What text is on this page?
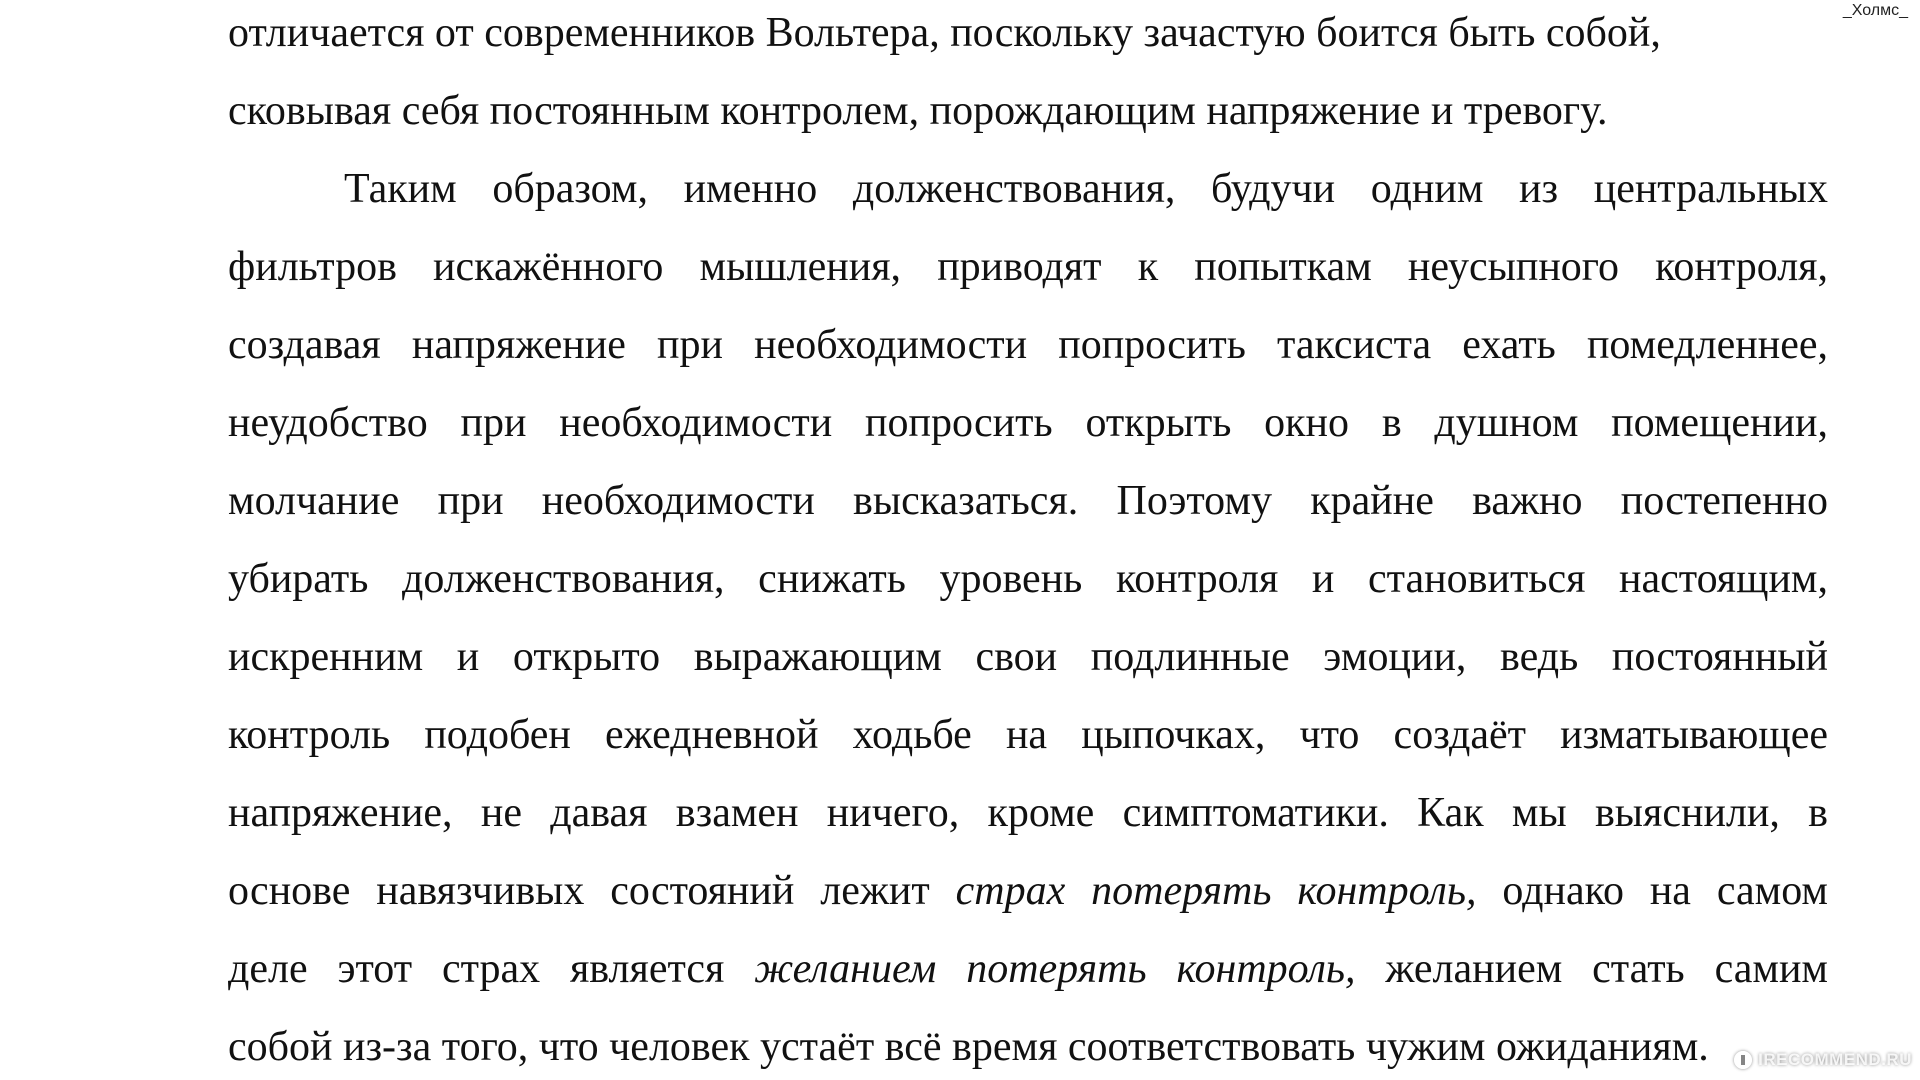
отличается от современников Вольтера, поскольку зачастую боится быть собой,
сковывая себя постоянным контролем, порождающим напряжение и тревогу.
Таким образом, именно долженствования, будучи одним из центральных
фильтров искажённого мышления, приводят к попыткам неусыпного контроля,
создавая напряжение при необходимости попросить таксиста ехать помедленнее,
неудобство при необходимости попросить открыть окно в душном помещении,
молчание при необходимости высказаться. Поэтому крайне важно постепенно
убирать долженствования, снижать уровень контроля и становиться настоящим,
искренним и открыто выражающим свои подлинные эмоции, ведь постоянный
контроль подобен ежедневной ходьбе на цыпочках, что создаёт изматывающее
напряжение, не давая взамен ничего, кроме симптоматики. Как мы выяснили, в
основе навязчивых состояний лежит страх потерять контроль, однако на самом
деле этот страх является желанием потерять контроль, желанием стать самим
собой из-за того, что человек устаёт всё время соответствовать чужим ожиданиям.
_Холмс_
IRECOMMEND.RU
